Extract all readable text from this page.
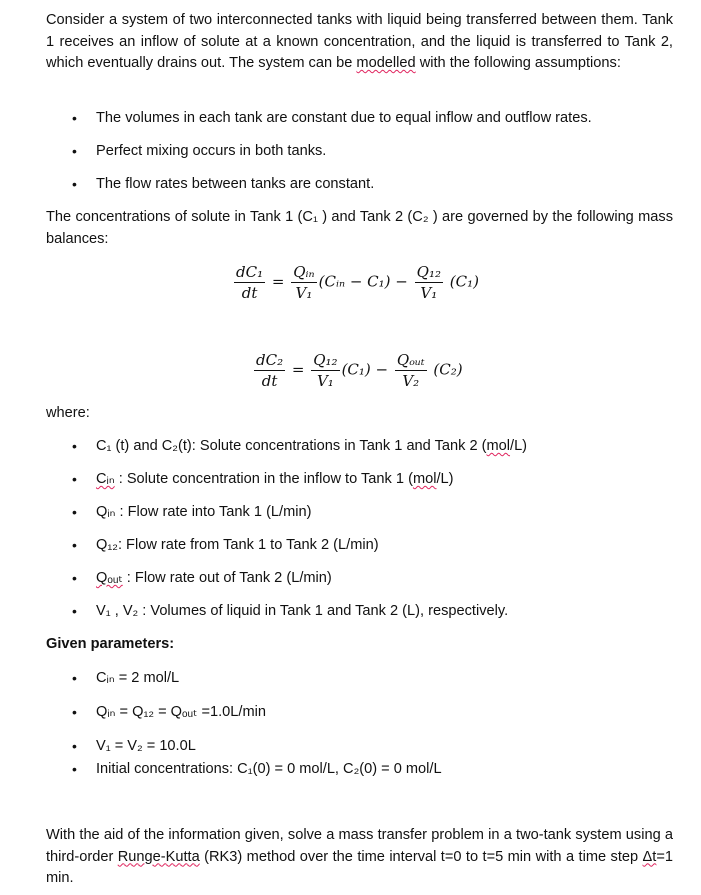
Consider a system of two interconnected tanks with liquid being transferred between them. Tank 1 receives an inflow of solute at a known concentration, and the liquid is transferred to Tank 2, which eventually drains out. The system can be modelled with the following assumptions:

• The volumes in each tank are constant due to equal inflow and outflow rates.
• Perfect mixing occurs in both tanks.
• The flow rates between tanks are constant.

The concentrations of solute in Tank 1 (C₁ ) and Tank 2 (C₂ ) are governed by the following mass balances:

$\frac{\text{dC₁}}{dt} = \frac{\text{Qᵢₙ}}{\text{V₁}}$ (Cᵢₙ − $C_1) - \frac{\text{Q₁₂}}{\text{V₁}} (C_1)$
$\frac{\text{dC₂}}{dt} = \frac{\text{Q₁₂}}{\text{V₁}} (C_1) - \frac{\text{Qₒᵤₜ}}{\text{V₂}} (C_2)$

where:

• C₁ (t) and C₂(t): Solute concentrations in Tank 1 and Tank 2 (mol/L)
• Cᵢₙ : Solute concentration in the inflow to Tank 1 (mol/L)
• Qᵢₙ : Flow rate into Tank 1 (L/min)
• Q₁₂: Flow rate from Tank 1 to Tank 2 (L/min)
• Qₒᵤₜ : Flow rate out of Tank 2 (L/min)
• V₁ , V₂ : Volumes of liquid in Tank 1 and Tank 2 (L), respectively.

Given parameters:

• Cᵢₙ = 2 mol/L
• Qᵢₙ = Q₁₂ = Qₒᵤₜ =1.0L/min
• V₁ = V₂ = 10.0L
• Initial concentrations: C₁(0) = 0 mol/L, C₂(0) = 0 mol/L

With the aid of the information given, solve a mass transfer problem in a two-tank system using a third-order Runge-Kutta (RK3) method over the time interval t=0 to t=5 min with a time step Δt=1 min.
